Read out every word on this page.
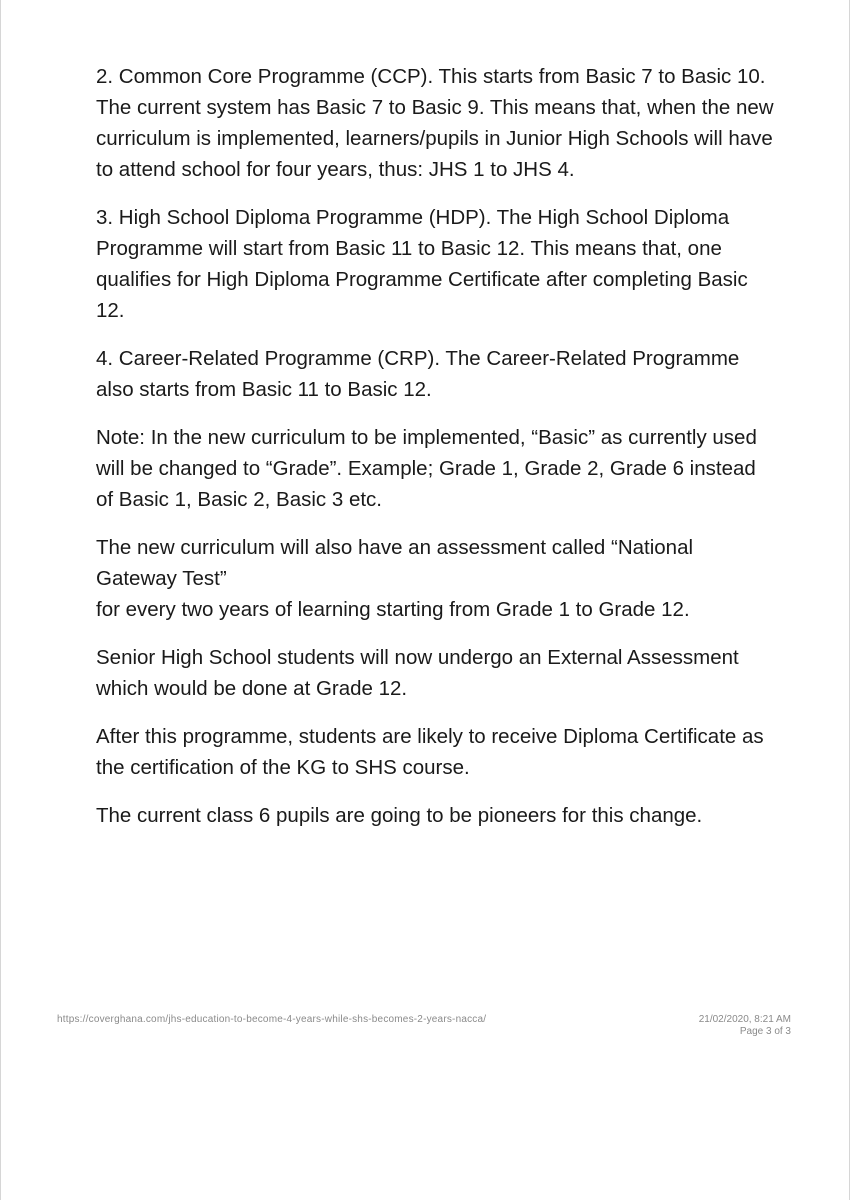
2. Common Core Programme (CCP). This starts from Basic 7 to Basic 10. The current system has Basic 7 to Basic 9. This means that, when the new curriculum is implemented, learners/pupils in Junior High Schools will have to attend school for four years, thus: JHS 1 to JHS 4.

3. High School Diploma Programme (HDP). The High School Diploma Programme will start from Basic 11 to Basic 12. This means that, one qualifies for High Diploma Programme Certificate after completing Basic 12.

4. Career-Related Programme (CRP). The Career-Related Programme also starts from Basic 11 to Basic 12.

Note: In the new curriculum to be implemented, “Basic” as currently used will be changed to “Grade”. Example; Grade 1, Grade 2, Grade 6 instead of Basic 1, Basic 2, Basic 3 etc.

The new curriculum will also have an assessment called “National Gateway Test”
for every two years of learning starting from Grade 1 to Grade 12.

Senior High School students will now undergo an External Assessment which would be done at Grade 12.

After this programme, students are likely to receive Diploma Certificate as the certification of the KG to SHS course.

The current class 6 pupils are going to be pioneers for this change.

https://coverghana.com/jhs-education-to-become-4-years-while-shs-becomes-2-years-nacca/	21/02/2020, 8:21 AM
Page 3 of 3
